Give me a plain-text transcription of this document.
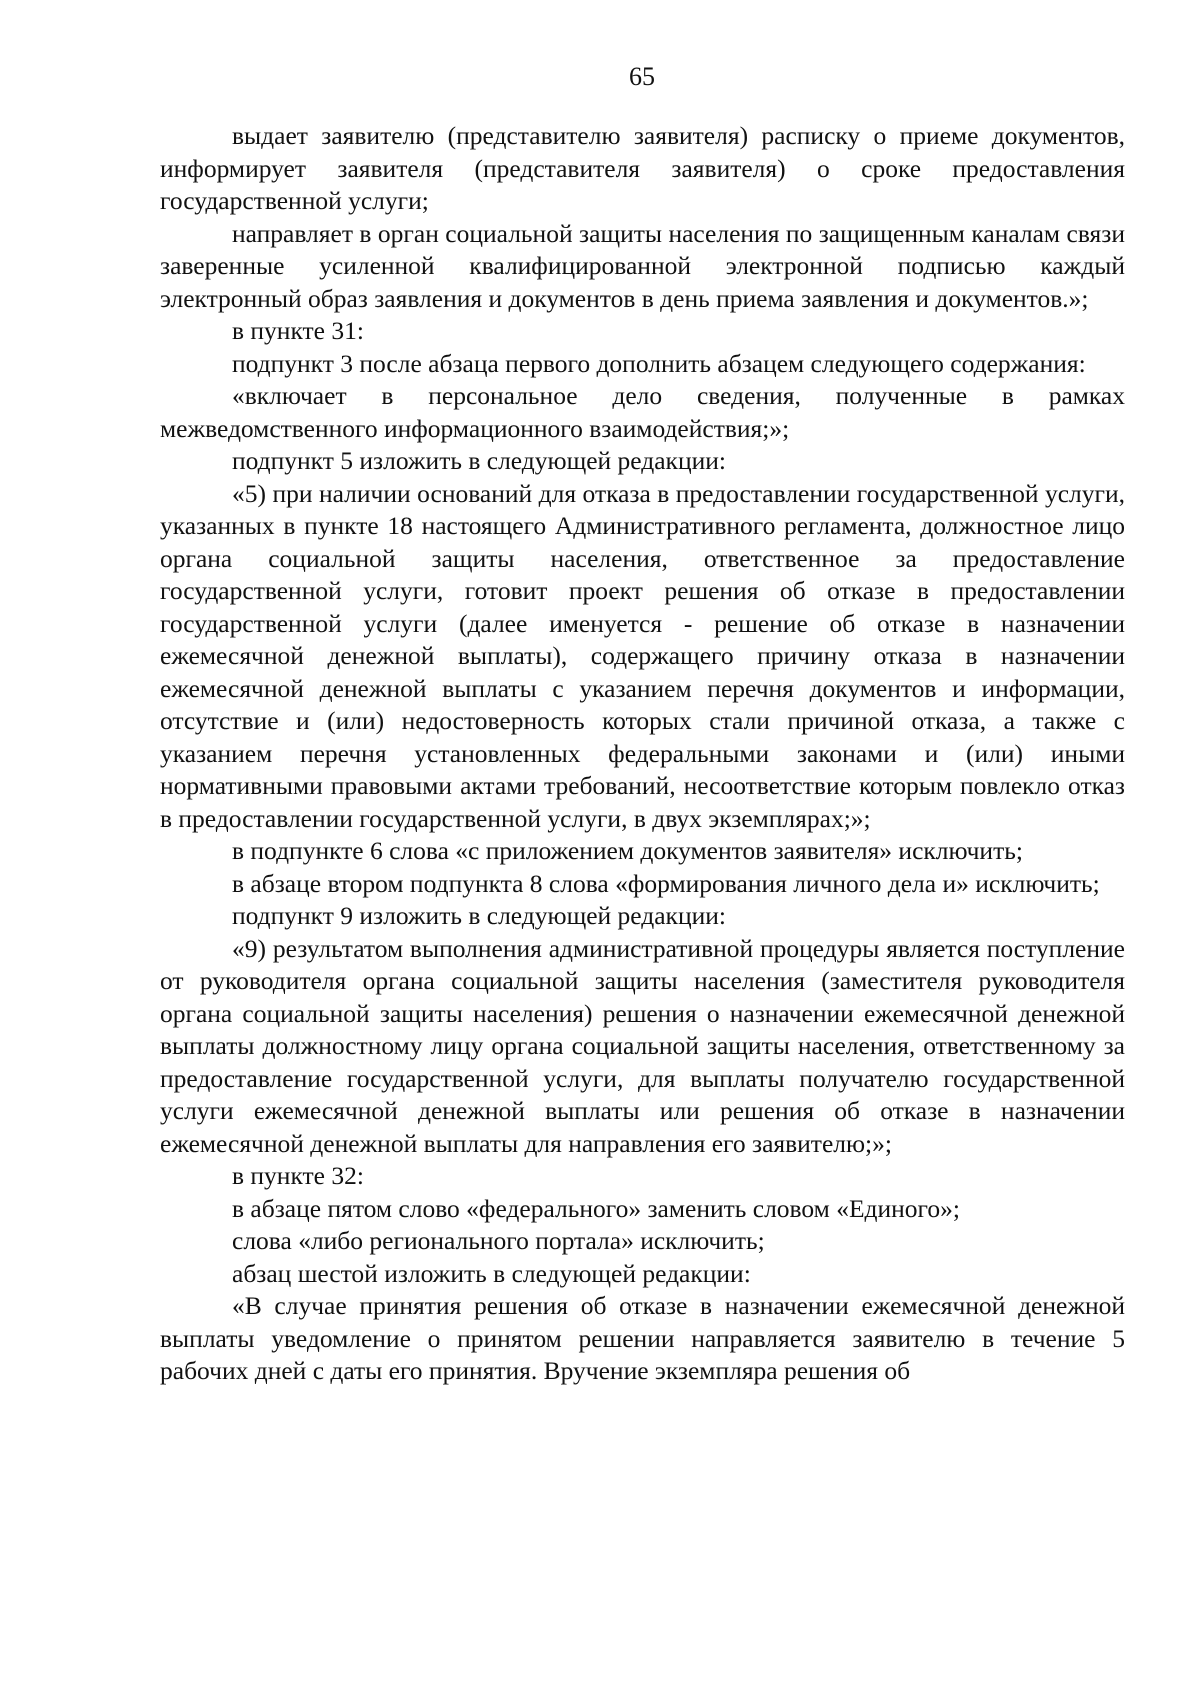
65

выдает заявителю (представителю заявителя) расписку о приеме документов, информирует заявителя (представителя заявителя) о сроке предоставления государственной услуги;

направляет в орган социальной защиты населения по защищенным каналам связи заверенные усиленной квалифицированной электронной подписью каждый электронный образ заявления и документов в день приема заявления и документов.»;

в пункте 31:

подпункт 3 после абзаца первого дополнить абзацем следующего содержания:

«включает в персональное дело сведения, полученные в рамках межведомственного информационного взаимодействия;»;

подпункт 5 изложить в следующей редакции:

«5) при наличии оснований для отказа в предоставлении государственной услуги, указанных в пункте 18 настоящего Административного регламента, должностное лицо органа социальной защиты населения, ответственное за предоставление государственной услуги, готовит проект решения об отказе в предоставлении государственной услуги (далее именуется - решение об отказе в назначении ежемесячной денежной выплаты), содержащего причину отказа в назначении ежемесячной денежной выплаты с указанием перечня документов и информации, отсутствие и (или) недостоверность которых стали причиной отказа, а также с указанием перечня установленных федеральными законами и (или) иными нормативными правовыми актами требований, несоответствие которым повлекло отказ в предоставлении государственной услуги, в двух экземплярах;»;

в подпункте 6 слова «с приложением документов заявителя» исключить;

в абзаце втором подпункта 8 слова «формирования личного дела и» исключить;

подпункт 9 изложить в следующей редакции:

«9) результатом выполнения административной процедуры является поступление от руководителя органа социальной защиты населения (заместителя руководителя органа социальной защиты населения) решения о назначении ежемесячной денежной выплаты должностному лицу органа социальной защиты населения, ответственному за предоставление государственной услуги, для выплаты получателю государственной услуги ежемесячной денежной выплаты или решения об отказе в назначении ежемесячной денежной выплаты для направления его заявителю;»;

в пункте 32:

в абзаце пятом слово «федерального» заменить словом «Единого»;

слова «либо регионального портала» исключить;

абзац шестой изложить в следующей редакции:

«В случае принятия решения об отказе в назначении ежемесячной денежной выплаты уведомление о принятом решении направляется заявителю в течение 5 рабочих дней с даты его принятия. Вручение экземпляра решения об
